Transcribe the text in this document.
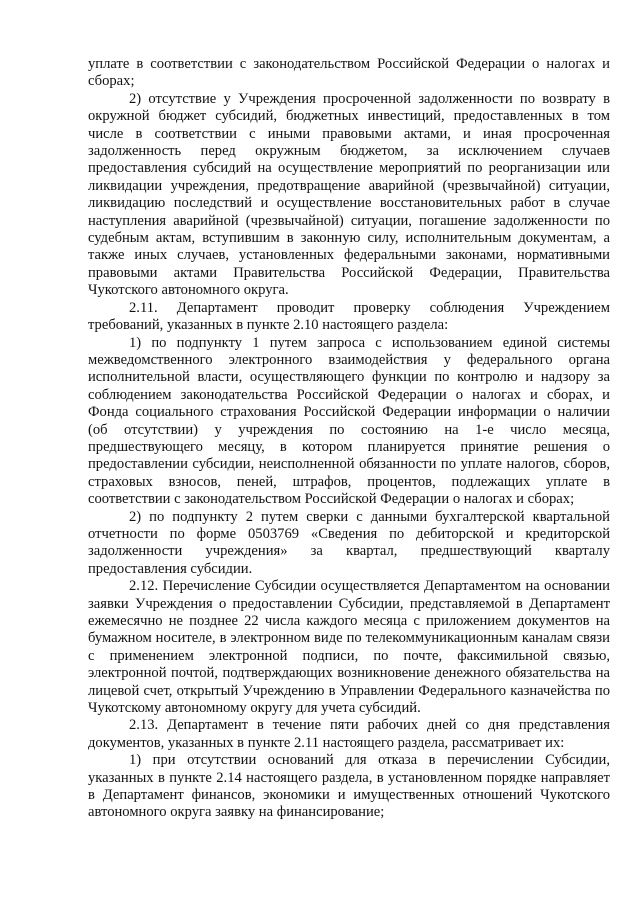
уплате в соответствии с законодательством Российской Федерации о налогах и сборах;

2) отсутствие у Учреждения просроченной задолженности по возврату в окружной бюджет субсидий, бюджетных инвестиций, предоставленных в том числе в соответствии с иными правовыми актами, и иная просроченная задолженность перед окружным бюджетом, за исключением случаев предоставления субсидий на осуществление мероприятий по реорганизации или ликвидации учреждения, предотвращение аварийной (чрезвычайной) ситуации, ликвидацию последствий и осуществление восстановительных работ в случае наступления аварийной (чрезвычайной) ситуации, погашение задолженности по судебным актам, вступившим в законную силу, исполнительным документам, а также иных случаев, установленных федеральными законами, нормативными правовыми актами Правительства Российской Федерации, Правительства Чукотского автономного округа.

2.11. Департамент проводит проверку соблюдения Учреждением требований, указанных в пункте 2.10 настоящего раздела:

1) по подпункту 1 путем запроса с использованием единой системы межведомственного электронного взаимодействия у федерального органа исполнительной власти, осуществляющего функции по контролю и надзору за соблюдением законодательства Российской Федерации о налогах и сборах, и Фонда социального страхования Российской Федерации информации о наличии (об отсутствии) у учреждения по состоянию на 1-е число месяца, предшествующего месяцу, в котором планируется принятие решения о предоставлении субсидии, неисполненной обязанности по уплате налогов, сборов, страховых взносов, пеней, штрафов, процентов, подлежащих уплате в соответствии с законодательством Российской Федерации о налогах и сборах;

2) по подпункту 2 путем сверки с данными бухгалтерской квартальной отчетности по форме 0503769 «Сведения по дебиторской и кредиторской задолженности учреждения» за квартал, предшествующий кварталу предоставления субсидии.

2.12. Перечисление Субсидии осуществляется Департаментом на основании заявки Учреждения о предоставлении Субсидии, представляемой в Департамент ежемесячно не позднее 22 числа каждого месяца с приложением документов на бумажном носителе, в электронном виде по телекоммуникационным каналам связи с применением электронной подписи, по почте, факсимильной связью, электронной почтой, подтверждающих возникновение денежного обязательства на лицевой счет, открытый Учреждению в Управлении Федерального казначейства по Чукотскому автономному округу для учета субсидий.

2.13. Департамент в течение пяти рабочих дней со дня представления документов, указанных в пункте 2.11 настоящего раздела, рассматривает их:

1) при отсутствии оснований для отказа в перечислении Субсидии, указанных в пункте 2.14 настоящего раздела, в установленном порядке направляет в Департамент финансов, экономики и имущественных отношений Чукотского автономного округа заявку на финансирование;
